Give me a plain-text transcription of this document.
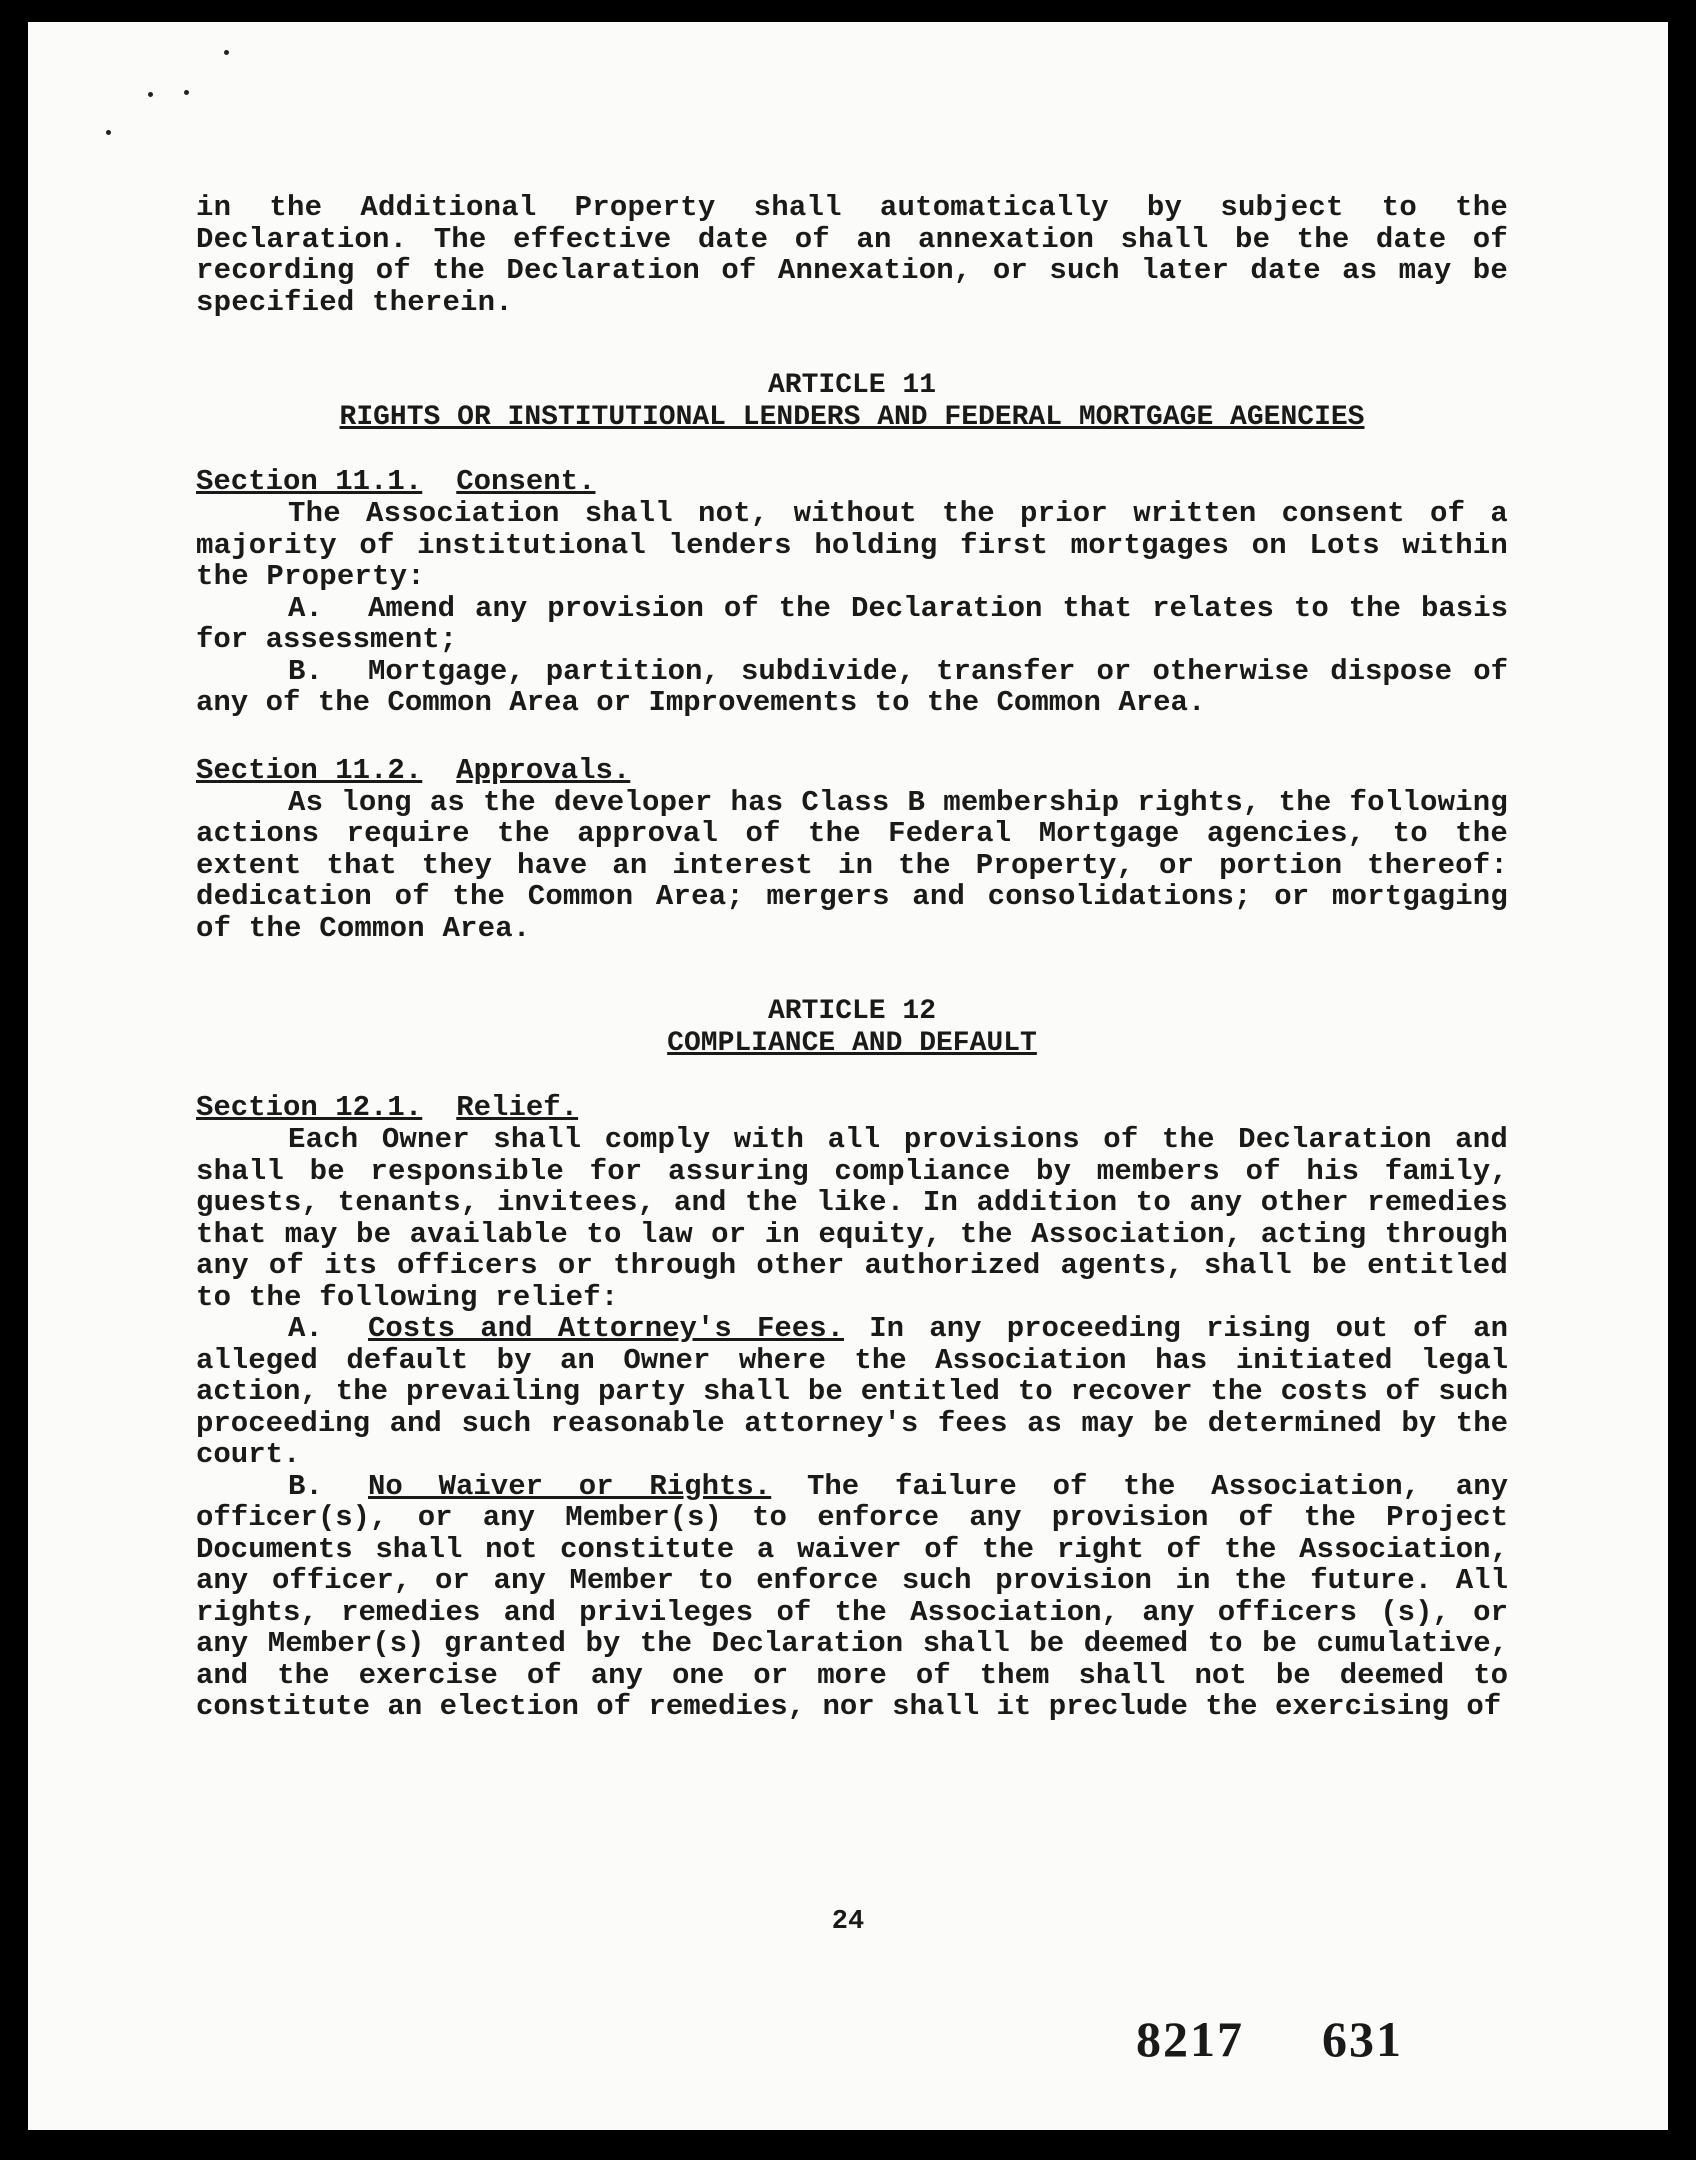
in the Additional Property shall automatically by subject to the Declaration. The effective date of an annexation shall be the date of recording of the Declaration of Annexation, or such later date as may be specified therein.

ARTICLE 11

RIGHTS OR INSTITUTIONAL LENDERS AND FEDERAL MORTGAGE AGENCIES

Section 11.1. Consent.

The Association shall not, without the prior written consent of a majority of institutional lenders holding first mortgages on Lots within the Property:

A. Amend any provision of the Declaration that relates to the basis for assessment;

B. Mortgage, partition, subdivide, transfer or otherwise dispose of any of the Common Area or Improvements to the Common Area.

Section 11.2. Approvals.

As long as the developer has Class B membership rights, the following actions require the approval of the Federal Mortgage agencies, to the extent that they have an interest in the Property, or portion thereof: dedication of the Common Area; mergers and consolidations; or mortgaging of the Common Area.

ARTICLE 12

COMPLIANCE AND DEFAULT

Section 12.1. Relief.

Each Owner shall comply with all provisions of the Declaration and shall be responsible for assuring compliance by members of his family, guests, tenants, invitees, and the like. In addition to any other remedies that may be available to law or in equity, the Association, acting through any of its officers or through other authorized agents, shall be entitled to the following relief:

A. Costs and Attorney's Fees. In any proceeding rising out of an alleged default by an Owner where the Association has initiated legal action, the prevailing party shall be entitled to recover the costs of such proceeding and such reasonable attorney's fees as may be determined by the court.

B. No Waiver or Rights. The failure of the Association, any officer(s), or any Member(s) to enforce any provision of the Project Documents shall not constitute a waiver of the right of the Association, any officer, or any Member to enforce such provision in the future. All rights, remedies and privileges of the Association, any officers (s), or any Member(s) granted by the Declaration shall be deemed to be cumulative, and the exercise of any one or more of them shall not be deemed to constitute an election of remedies, nor shall it preclude the exercising of

24
8217 631
